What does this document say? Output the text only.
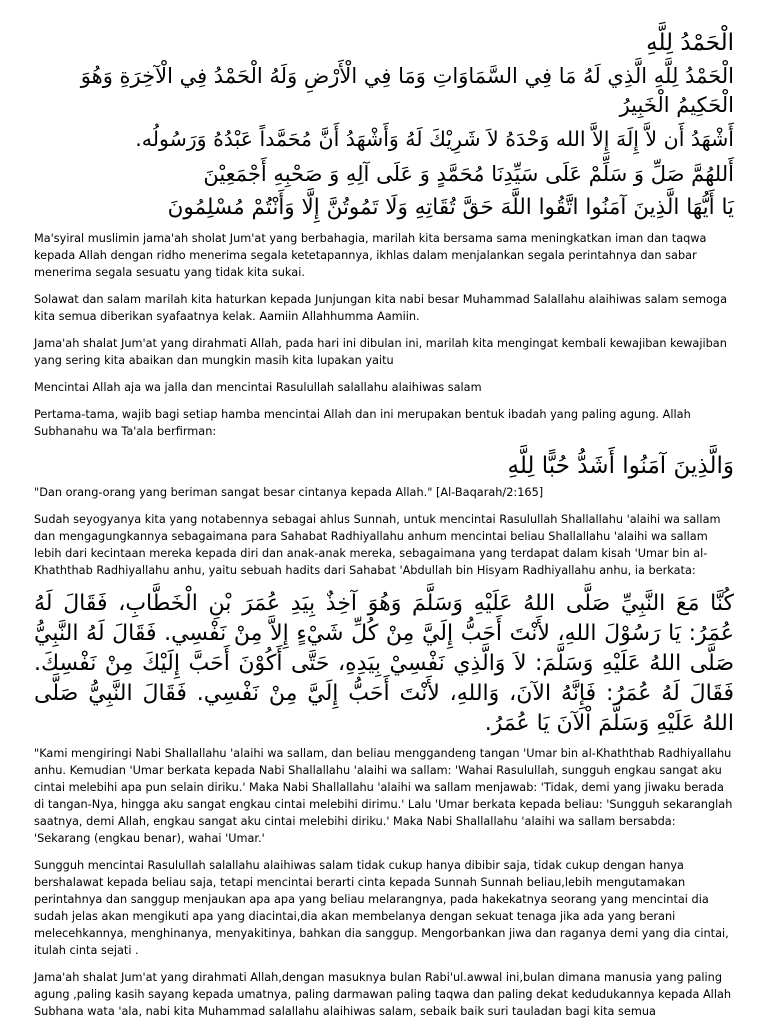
الْحَمْدُ لِلَّهِ

الْحَمْدُ لِلَّهِ الَّذِي لَهُ مَا فِي السَّمَاوَاتِ وَمَا فِي الْأَرْضِ وَلَهُ الْحَمْدُ فِي الْآخِرَةِ وَهُوَ الْحَكِيمُ الْخَبِيرُ

أَشْهَدُ أَن لاَّ إِلَهَ إِلاَّ الله وَحْدَهُ لاَ شَرِيْكَ لَهُ وَأَشْهَدُ أَنَّ مُحَمَّداً عَبْدُهُ وَرَسُولُه.

أَللهُمَّ صَلِّ وَ سَلِّمْ عَلَى سَيِّدِنَا مُحَمَّدٍ وَ عَلَى آلِهِ وَ صَحْبِهِ أَجْمَعِيْنَ

يَا أَيُّهَا الَّذِينَ آمَنُوا اتَّقُوا اللَّهَ حَقَّ تُقَاتِهِ وَلَا تَمُوتُنَّ إِلَّا وَأَنْتُمْ مُسْلِمُونَ

Ma'syiral muslimin jama'ah sholat Jum'at yang berbahagia, marilah kita bersama sama meningkatkan iman dan taqwa kepada Allah dengan ridho menerima segala ketetapannya, ikhlas dalam menjalankan segala perintahnya dan sabar menerima segala sesuatu yang tidak kita sukai.

Solawat dan salam marilah kita haturkan kepada Junjungan kita nabi besar Muhammad Salallahu alaihiwas salam semoga kita semua diberikan syafaatnya kelak. Aamiin Allahhumma Aamiin.

Jama'ah shalat Jum'at yang dirahmati Allah, pada hari ini dibulan ini, marilah kita mengingat kembali kewajiban kewajiban yang sering kita abaikan dan mungkin masih kita lupakan yaitu

Mencintai Allah aja wa jalla dan mencintai Rasulullah salallahu alaihiwas salam

Pertama-tama, wajib bagi setiap hamba mencintai Allah dan ini merupakan bentuk ibadah yang paling agung. Allah Subhanahu wa Ta'ala berfirman:

وَالَّذِينَ آمَنُوا أَشَدُّ حُبًّا لِلَّهِ

"Dan orang-orang yang beriman sangat besar cintanya kepada Allah." [Al-Baqarah/2:165]

Sudah seyogyanya kita yang notabennya sebagai ahlus Sunnah, untuk mencintai Rasulullah Shallallahu 'alaihi wa sallam dan mengagungkannya sebagaimana para Sahabat Radhiyallahu anhum mencintai beliau Shallallahu 'alaihi wa sallam lebih dari kecintaan mereka kepada diri dan anak-anak mereka, sebagaimana yang terdapat dalam kisah 'Umar bin al-Khaththab Radhiyallahu anhu, yaitu sebuah hadits dari Sahabat 'Abdullah bin Hisyam Radhiyallahu anhu, ia berkata:

كُنَّا مَعَ النَّبِيِّ صَلَّى اللهُ عَلَيْهِ وَسَلَّمَ وَهُوَ آخِذٌ بِيَدِ عُمَرَ بْنِ الْخَطَّابِ، فَقَالَ لَهُ عُمَرُ: يَا رَسُوْلَ اللهِ، لأَنْتَ أَحَبُّ إِلَيَّ مِنْ كُلِّ شَيْءٍ إِلاَّ مِنْ نَفْسِي. فَقَالَ لَهُ النَّبِيُّ صَلَّى اللهُ عَلَيْهِ وَسَلَّمَ: لاَ وَالَّذِي نَفْسِيْ بِيَدِهِ، حَتَّى أَكُوْنَ أَحَبَّ إِلَيْكَ مِنْ نَفْسِكَ. فَقَالَ لَهُ عُمَرُ: فَإِنَّهُ الآنَ، وَاللهِ، لأَنْتَ أَحَبُّ إِلَيَّ مِنْ نَفْسِي. فَقَالَ النَّبِيُّ صَلَّى اللهُ عَلَيْهِ وَسَلَّمَ اْلآنَ يَا عُمَرُ.

"Kami mengiringi Nabi Shallallahu 'alaihi wa sallam, dan beliau menggandeng tangan 'Umar bin al-Khaththab Radhiyallahu anhu. Kemudian 'Umar berkata kepada Nabi Shallallahu 'alaihi wa sallam: 'Wahai Rasulullah, sungguh engkau sangat aku cintai melebihi apa pun selain diriku.' Maka Nabi Shallallahu 'alaihi wa sallam menjawab: 'Tidak, demi yang jiwaku berada di tangan-Nya, hingga aku sangat engkau cintai melebihi dirimu.' Lalu 'Umar berkata kepada beliau: 'Sungguh sekaranglah saatnya, demi Allah, engkau sangat aku cintai melebihi diriku.' Maka Nabi Shallallahu 'alaihi wa sallam bersabda: 'Sekarang (engkau benar), wahai 'Umar.'

Sungguh mencintai Rasulullah salallahu alaihiwas salam tidak cukup hanya dibibir saja, tidak cukup dengan hanya bershalawat kepada beliau saja, tetapi mencintai berarti cinta kepada Sunnah Sunnah beliau,lebih mengutamakan perintahnya dan sanggup menjaukan apa apa yang beliau melarangnya, pada hakekatnya seorang yang mencintai dia sudah jelas akan mengikuti apa yang diacintai,dia akan membelanya dengan sekuat tenaga jika ada yang berani melecehkannya, menghinanya, menyakitinya, bahkan dia sanggup. Mengorbankan jiwa dan raganya demi yang dia cintai, itulah cinta sejati .

Jama'ah shalat Jum'at yang dirahmati Allah,dengan masuknya bulan Rabi'ul.awwal ini,bulan dimana manusia yang paling agung ,paling kasih sayang kepada umatnya, paling darmawan paling taqwa dan paling dekat kedudukannya kepada Allah Subhana wata 'ala, nabi kita Muhammad salallahu alaihiwas salam, sebaik baik suri tauladan bagi kita semua
